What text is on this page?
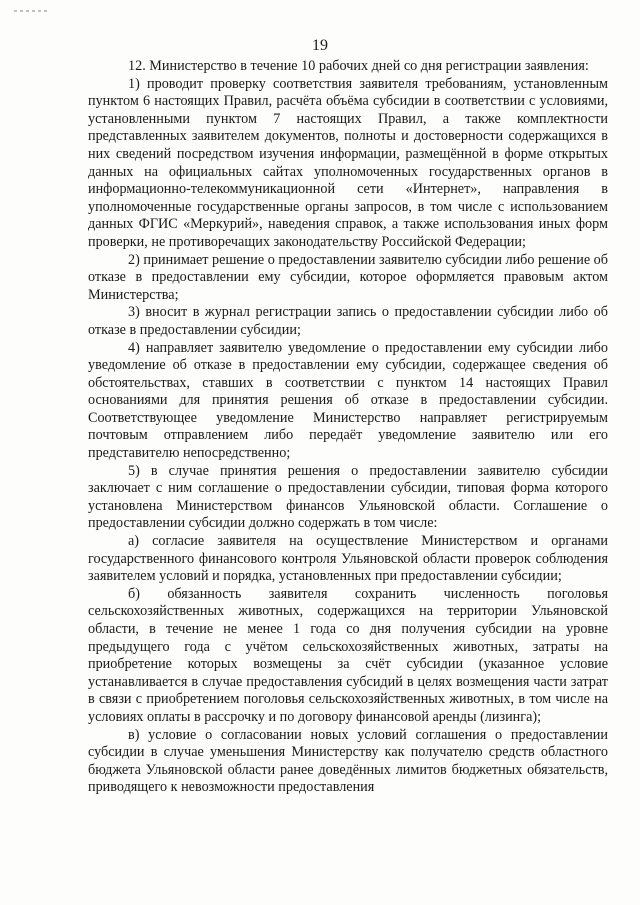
19

12. Министерство в течение 10 рабочих дней со дня регистрации заявления:

1) проводит проверку соответствия заявителя требованиям, установленным пунктом 6 настоящих Правил, расчёта объёма субсидии в соответствии с условиями, установленными пунктом 7 настоящих Правил, а также комплектности представленных заявителем документов, полноты и достоверности содержащихся в них сведений посредством изучения информации, размещённой в форме открытых данных на официальных сайтах уполномоченных государственных органов в информационно-телекоммуникационной сети «Интернет», направления в уполномоченные государственные органы запросов, в том числе с использованием данных ФГИС «Меркурий», наведения справок, а также использования иных форм проверки, не противоречащих законодательству Российской Федерации;

2) принимает решение о предоставлении заявителю субсидии либо решение об отказе в предоставлении ему субсидии, которое оформляется правовым актом Министерства;

3) вносит в журнал регистрации запись о предоставлении субсидии либо об отказе в предоставлении субсидии;

4) направляет заявителю уведомление о предоставлении ему субсидии либо уведомление об отказе в предоставлении ему субсидии, содержащее сведения об обстоятельствах, ставших в соответствии с пунктом 14 настоящих Правил основаниями для принятия решения об отказе в предоставлении субсидии. Соответствующее уведомление Министерство направляет регистрируемым почтовым отправлением либо передаёт уведомление заявителю или его представителю непосредственно;

5) в случае принятия решения о предоставлении заявителю субсидии заключает с ним соглашение о предоставлении субсидии, типовая форма которого установлена Министерством финансов Ульяновской области. Соглашение о предоставлении субсидии должно содержать в том числе:

а) согласие заявителя на осуществление Министерством и органами государственного финансового контроля Ульяновской области проверок соблюдения заявителем условий и порядка, установленных при предоставлении субсидии;

б) обязанность заявителя сохранить численность поголовья сельскохозяйственных животных, содержащихся на территории Ульяновской области, в течение не менее 1 года со дня получения субсидии на уровне предыдущего года с учётом сельскохозяйственных животных, затраты на приобретение которых возмещены за счёт субсидии (указанное условие устанавливается в случае предоставления субсидий в целях возмещения части затрат в связи с приобретением поголовья сельскохозяйственных животных, в том числе на условиях оплаты в рассрочку и по договору финансовой аренды (лизинга);

в) условие о согласовании новых условий соглашения о предоставлении субсидии в случае уменьшения Министерству как получателю средств областного бюджета Ульяновской области ранее доведённых лимитов бюджетных обязательств, приводящего к невозможности предоставления
